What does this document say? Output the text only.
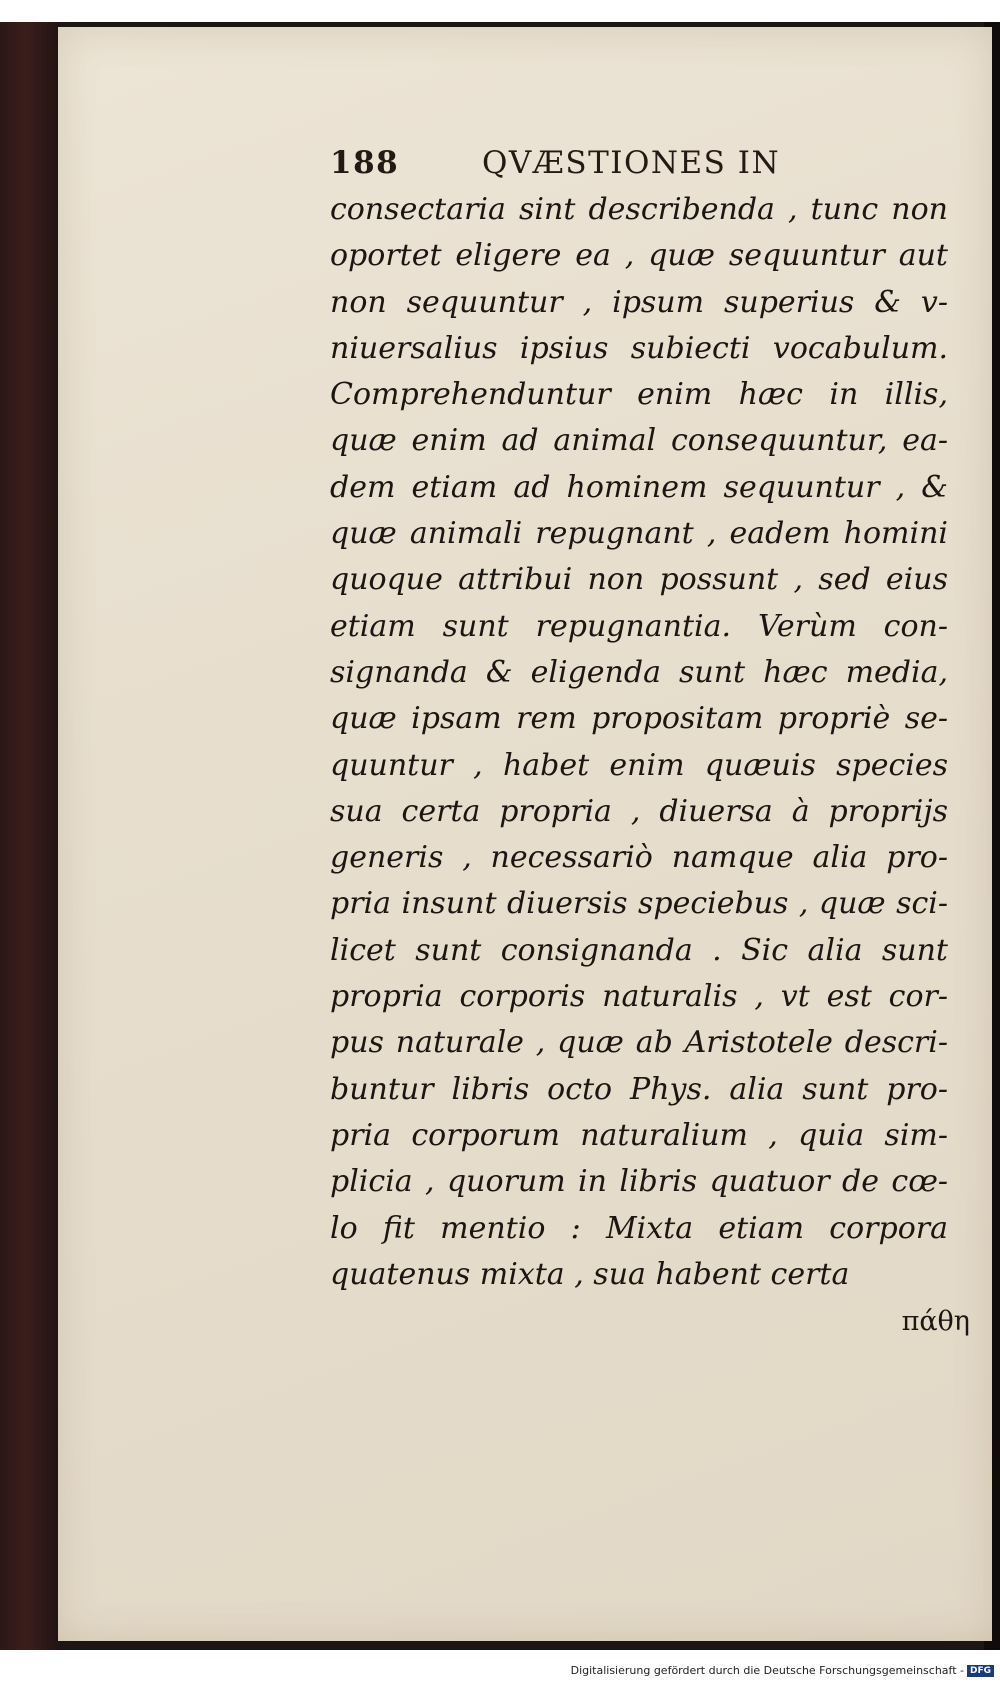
188	QVÆSTIONES IN
consectaria sint describenda , tunc non
oportet eligere ea , quæ sequuntur aut
non sequuntur , ipsum superius & v-
niuersalius ipsius subiecti vocabulum.
Comprehenduntur enim hæc in illis,
quæ enim ad animal consequuntur, ea-
dem etiam ad hominem sequuntur , &
quæ animali repugnant , eadem homini
quoque attribui non possunt , sed eius
etiam sunt repugnantia. Verùm con-
signanda & eligenda sunt hæc media,
quæ ipsam rem propositam propriè se-
quuntur , habet enim quæuis species
sua certa propria , diuersa à proprijs
generis , necessariò namque alia pro-
pria insunt diuersis speciebus , quæ sci-
licet sunt consignanda . Sic alia sunt
propria corporis naturalis , vt est cor-
pus naturale , quæ ab Aristotele descri-
buntur libris octo Phys. alia sunt pro-
pria corporum naturalium , quia sim-
plicia , quorum in libris quatuor de cœ-
lo fit mentio : Mixta etiam corpora
quatenus mixta , sua habent certa
πάθη
Digitalisierung gefördert durch die Deutsche Forschungsgemeinschaft - DFG
